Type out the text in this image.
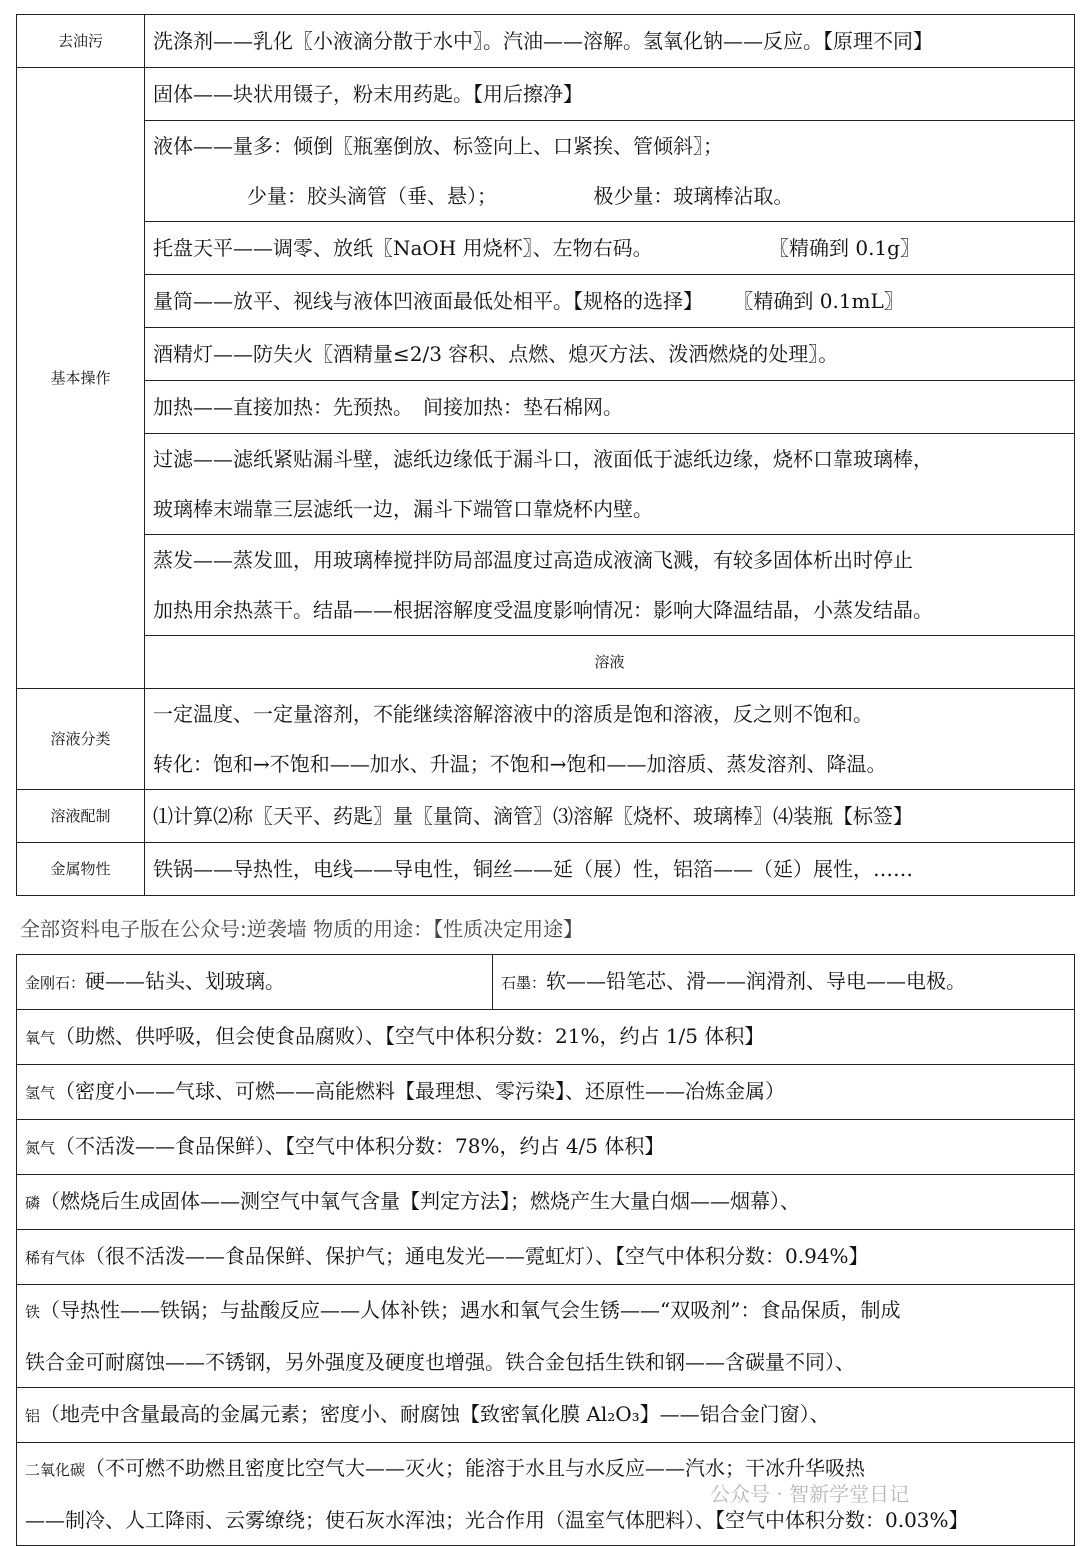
去油污	洗涤剂——乳化〖小液滴分散于水中〗。汽油——溶解。氢氧化钠——反应。【原理不同】	
基本操作	固体——块状用镊子，粉末用药匙。【用后擦净】	

	液体——量多：倾倒〖瓶塞倒放、标签向上、口紧挨、管倾斜〗；
少量：胶头滴管（垂、悬）； 极少量：玻璃棒沾取。	

	托盘天平——调零、放纸〖NaOH 用烧杯〗、左物右码。 〖精确到 0.1g〗	
	量筒——放平、视线与液体凹液面最低处相平。【规格的选择】 〖精确到 0.1mL〗	
	酒精灯——防失火〖酒精量≤2/3 容积、点燃、熄灭方法、泼洒燃烧的处理〗。	
	加热——直接加热：先预热。　间接加热：垫石棉网。	

	过滤——滤纸紧贴漏斗壁，滤纸边缘低于漏斗口，液面低于滤纸边缘，烧杯口靠玻璃棒，
玻璃棒末端靠三层滤纸一边，漏斗下端管口靠烧杯内壁。	

	蒸发——蒸发皿，用玻璃棒搅拌防局部温度过高造成液滴飞溅，有较多固体析出时停止
加热用余热蒸干。结晶——根据溶解度受温度影响情况：影响大降温结晶，小蒸发结晶。	

	溶液	
溶液分类	一定温度、一定量溶剂，不能继续溶解溶液中的溶质是饱和溶液，反之则不饱和。
转化：饱和→不饱和——加水、升温；不饱和→饱和——加溶质、蒸发溶剂、降温。	

溶液配制	⑴计算⑵称〖天平、药匙〗量〖量筒、滴管〗⑶溶解〖烧杯、玻璃棒〗⑷装瓶【标签】	
金属物性	铁锅——导热性，电线——导电性，铜丝——延（展）性，铝箔——（延）展性，……	
全部资料电子版在公众号:逆袭墙 物质的用途：【性质决定用途】
金刚石：硬——钻头、划玻璃。	石墨：软——铅笔芯、滑——润滑剂、导电——电极。
氧气（助燃、供呼吸，但会使食品腐败）、【空气中体积分数：21%，约占 1/5 体积】
氢气（密度小——气球、可燃——高能燃料【最理想、零污染】、还原性——冶炼金属）
氮气（不活泼——食品保鲜）、【空气中体积分数：78%，约占 4/5 体积】
磷（燃烧后生成固体——测空气中氧气含量【判定方法】；燃烧产生大量白烟——烟幕）、
稀有气体（很不活泼——食品保鲜、保护气；通电发光——霓虹灯）、【空气中体积分数：0.94%】

铁（导热性——铁锅；与盐酸反应——人体补铁；遇水和氧气会生锈——“双吸剂”：食品保质，制成
铁合金可耐腐蚀——不锈钢，另外强度及硬度也增强。铁合金包括生铁和钢——含碳量不同）、

铝（地壳中含量最高的金属元素；密度小、耐腐蚀【致密氧化膜 Al₂O₃】——铝合金门窗）、

二氧化碳（不可燃不助燃且密度比空气大——灭火；能溶于水且与水反应——汽水；干冰升华吸热
——制冷、人工降雨、云雾缭绕；使石灰水浑浊；光合作用（温室气体肥料）、【空气中体积分数：0.03%】
公众号 · 智新学堂日记
